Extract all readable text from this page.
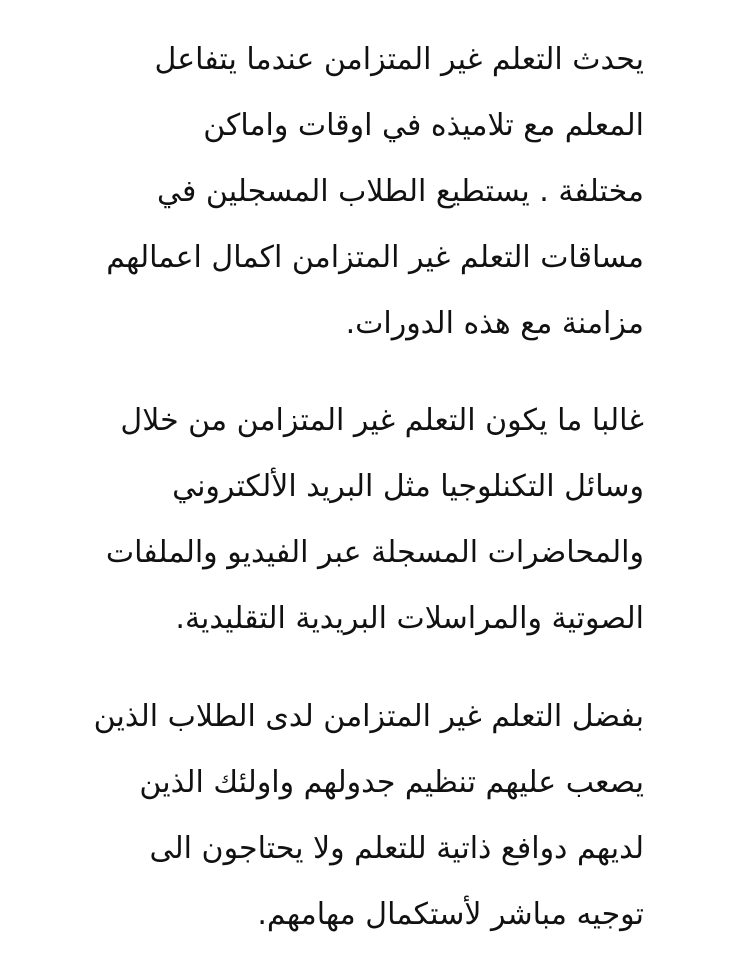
يحدث التعلم غير المتزامن عندما يتفاعل
المعلم مع تلاميذه في اوقات واماكن
مختلفة . يستطيع الطلاب المسجلين في
مساقات التعلم غير المتزامن اكمال اعمالهم
مزامنة مع هذه الدورات.
غالبا ما يكون التعلم غير المتزامن من خلال
وسائل التكنلوجيا مثل البريد الألكتروني
والمحاضرات المسجلة عبر الفيديو والملفات
الصوتية والمراسلات البريدية التقليدية.
بفضل التعلم غير المتزامن لدى الطلاب الذين
يصعب عليهم تنظيم جدولهم واولئك الذين
لديهم دوافع ذاتية للتعلم ولا يحتاجون الى
توجيه مباشر لأستكمال مهامهم.
